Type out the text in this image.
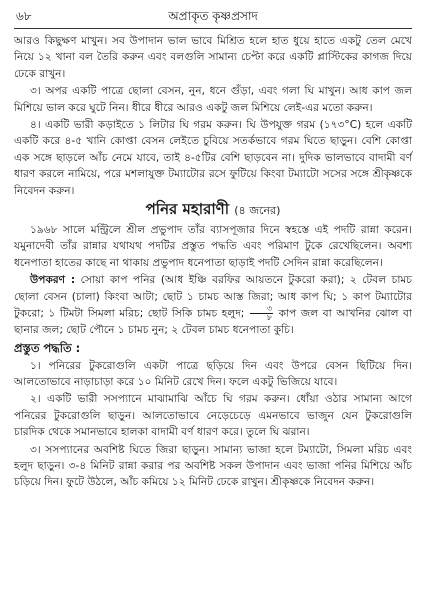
৬৮	অপ্রাকৃত কৃষ্ণপ্রসাদ

আরও কিছুক্ষণ মাখুন। সব উপাদান ভাল ভাবে মিশ্রিত হলে হাত ধুয়ে হাতে একটু তেল মেখে নিয়ে ১২ খানা বল তৈরি করুন এবং বলগুলি সামান্য চেপ্টা করে একটি প্লাস্টিকের কাগজ দিয়ে ঢেকে রাখুন।

৩। অপর একটি পাত্রে ছোলা বেসন, নুন, ধনে গুঁড়া, এবং গলা ঘি মাখুন। আধ কাপ জল মিশিয়ে ভাল করে ঘুটে নিন। ধীরে ধীরে আরও একটু জল মিশিয়ে লেই-এর মতো করুন।

৪। একটি ভারী কড়াইতে ১ লিটার ঘি গরম করুন। ঘি উপযুক্ত গরম (১৭৩°C) হলে একটি একটি করে ৪-৫ খানি কোপ্তা বেসন লেইতে চুবিয়ে সতর্কভাবে গরম ঘিতে ছাড়ুন। বেশি কোপ্তা এক সঙ্গে ছাড়লে আঁচ নেমে যাবে, তাই ৪-৫টির বেশি ছাড়বেন না। দুদিক ভালভাবে বাদামী বর্ণ ধারণ করলে নামিয়ে, পরে মশলাযুক্ত টম্যাটোর রসে ফুটিয়ে কিংবা টম্যাটো সসের সঙ্গে শ্রীকৃষ্ণকে নিবেদন করুন।

পনির মহারাণী (৪ জনের)

১৯৬৮ সালে মন্ট্রিলে শ্রীল প্রভুপাদ তাঁর ব্যাসপূজার দিনে স্বহস্তে এই পদটি রান্না করেন। যমুনাদেবী তাঁর রান্নার যথাযথ পদটির প্রস্তুত পদ্ধতি এবং পরিমাণ টুকে রেখেছিলেন। অবশ্য ধনেপাতা হাতের কাছে না থাকায় প্রভুপাদ ধনেপাতা ছাড়াই পদটি সেদিন রান্না করেছিলেন।

উপকরণ : সোয়া কাপ পনির (আধ ইঞ্চি বরফির আয়তনে টুকরো করা); ২ টেবল চামচ ছোলা বেসন (চালা) কিংবা আটা; ছোট ১ চামচ আস্ত জিরা; আধ কাপ ঘি; ১ কাপ টম্যাটোর টুকরো; ১ টিমটা সিমলা মরিচ; ছোট সিকি চামচ হলুদ; $\frac{৩}{৮}$ কাপ জল বা আখনির ঝোল বা ছানার জল; ছোট পৌনে ১ চামচ নুন; ২ টেবল চামচ ধনেপাতা কুচি।

প্রস্তুত পদ্ধতি :

১। পনিরের টুকরোগুলি একটা পাত্রে ছড়িয়ে দিন এবং উপরে বেসন ছিটিয়ে দিন। আলতোভাবে নাড়াচাড়া করে ১০ মিনিট রেখে দিন। ফলে একটু ভিজিয়ে যাবে।

২। একটি ভারী সসপ্যানে মাঝামাঝি আঁচে ঘি গরম করুন। ধোঁয়া ওঠার সামান্য আগে পনিরের টুকরোগুলি ছাড়ুন। আলতোভাবে নেড়েচেড়ে এমনভাবে ভাজুন যেন টুকরোগুলি চারদিক থেকে সমানভাবে হালকা বাদামী বর্ণ ধারণ করে। তুলে ঘি ঝরান।

৩। সসপ্যানের অবশিষ্ট ঘিতে জিরা ছাড়ুন। সামান্য ভাজা হলে টম্যাটো, সিমলা মরিচ এবং হলুদ ছাড়ুন। ৩-৪ মিনিট রান্না করার পর অবশিষ্ট সকল উপাদান এবং ভাজা পনির মিশিয়ে আঁচ চড়িয়ে দিন। ফুটে উঠলে, আঁচ কমিয়ে ১২ মিনিট ঢেকে রাখুন। শ্রীকৃষ্ণকে নিবেদন করুন।
